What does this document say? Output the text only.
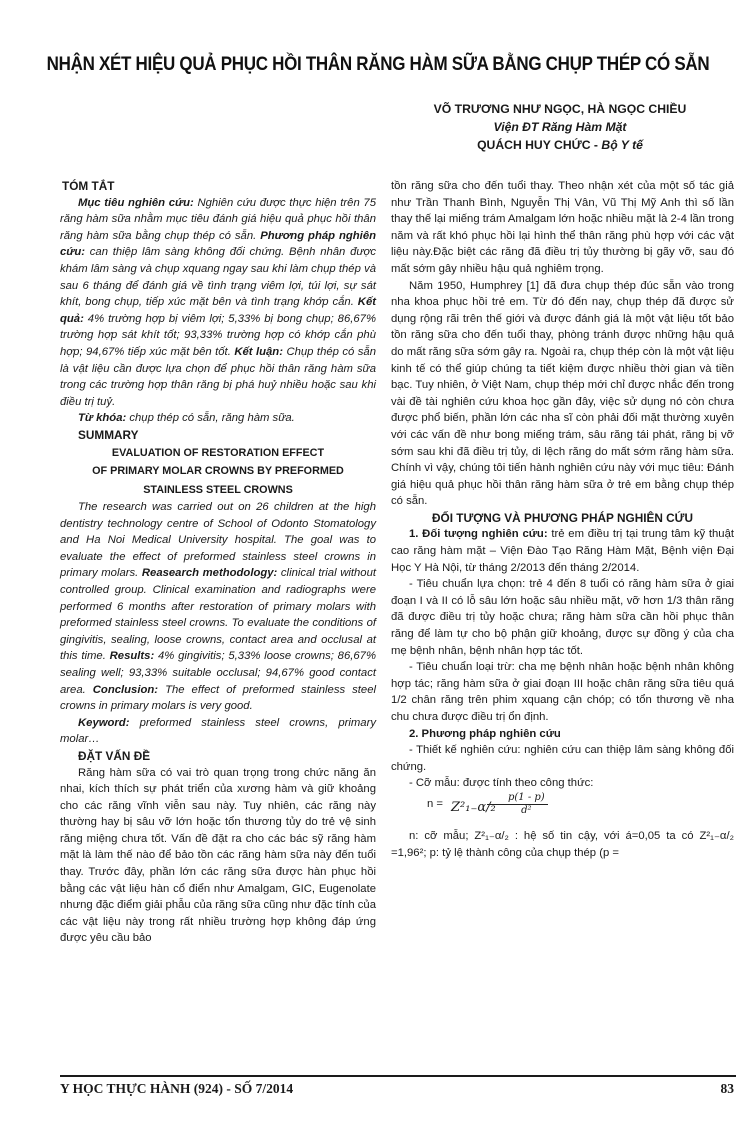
NHẬN XÉT HIỆU QUẢ PHỤC HỒI THÂN RĂNG HÀM SỮA BẰNG CHỤP THÉP CÓ SẴN
VÕ TRƯƠNG NHƯ NGỌC, HÀ NGỌC CHIỀU
Viện ĐT Răng Hàm Mặt
QUÁCH HUY CHỨC - Bộ Y tế

TÓM TẮT

Mục tiêu nghiên cứu: Nghiên cứu được thực hiện trên 75 răng hàm sữa nhằm mục tiêu đánh giá hiệu quả phục hồi thân răng hàm sữa bằng chụp thép có sẵn. Phương pháp nghiên cứu: can thiệp lâm sàng không đối chứng. Bệnh nhân được khám lâm sàng và chụp xquang ngay sau khi làm chụp thép và sau 6 tháng để đánh giá về tình trạng viêm lợi, túi lợi, sự sát khít, bong chụp, tiếp xúc mặt bên và tình trạng khớp cắn. Kết quả: 4% trường hợp bị viêm lợi; 5,33% bị bong chụp; 86,67% trường hợp sát khít tốt; 93,33% trường hợp có khớp cắn phù hợp; 94,67% tiếp xúc mặt bên tốt. Kết luận: Chụp thép có sẵn là vật liệu cần được lựa chọn để phục hồi thân răng hàm sữa trong các trường hợp thân răng bị phá huỷ nhiều hoặc sau khi điều trị tuỷ.

Từ khóa: chụp thép có sẵn, răng hàm sữa.

SUMMARY

EVALUATION OF RESTORATION EFFECT
OF PRIMARY MOLAR CROWNS BY PREFORMED
STAINLESS STEEL CROWNS

The research was carried out on 26 children at the high dentistry technology centre of School of Odonto Stomatology and Ha Noi Medical University hospital. The goal was to evaluate the effect of preformed stainless steel crowns in primary molars. Reasearch methodology: clinical trial without controlled group. Clinical examination and radiographs were performed 6 months after restoration of primary molars with preformed stainless steel crowns. To evaluate the conditions of gingivitis, sealing, loose crowns, contact area and occlusal at this time. Results: 4% gingivitis; 5,33% loose crowns; 86,67% sealing well; 93,33% suitable occlusal; 94,67% good contact area. Conclusion: The effect of preformed stainless steel crowns in primary molars is very good.

Keyword: preformed stainless steel crowns, primary molar…

ĐẶT VẤN ĐỀ

Răng hàm sữa có vai trò quan trọng trong chức năng ăn nhai, kích thích sự phát triển của xương hàm và giữ khoảng cho các răng vĩnh viễn sau này. Tuy nhiên, các răng này thường hay bị sâu vỡ lớn hoặc tổn thương tủy do trẻ vệ sinh răng miệng chưa tốt. Vấn đề đặt ra cho các bác sỹ răng hàm mặt là làm thế nào để bảo tồn các răng hàm sữa này đến tuổi thay. Trước đây, phần lớn các răng sữa được hàn phục hồi bằng các vật liệu hàn cổ điển như Amalgam, GIC, Eugenolate nhưng đặc điểm giải phẫu của răng sữa cũng như đặc tính của các vật liệu này trong rất nhiều trường hợp không đáp ứng được yêu cầu bảo

tồn răng sữa cho đến tuổi thay. Theo nhận xét của một số tác giả như Trần Thanh Bình, Nguyễn Thị Vân, Vũ Thị Mỹ Anh thì số lần thay thế lại miếng trám Amalgam lớn hoặc nhiều mặt là 2-4 lần trong năm và rất khó phục hồi lại hình thể thân răng phù hợp với các vật liệu này.Đặc biệt các răng đã điều trị tủy thường bị gãy vỡ, sau đó mất sớm gây nhiều hậu quả nghiêm trọng.

Năm 1950, Humphrey [1] đã đưa chụp thép đúc sẵn vào trong nha khoa phục hồi trẻ em. Từ đó đến nay, chụp thép đã được sử dụng rộng rãi trên thế giới và được đánh giá là một vật liệu tốt bảo tồn răng sữa cho đến tuổi thay, phòng tránh được những hậu quả do mất răng sữa sớm gây ra. Ngoài ra, chụp thép còn là một vật liệu kinh tế có thể giúp chúng ta tiết kiệm được nhiều thời gian và tiền bạc. Tuy nhiên, ở Việt Nam, chụp thép mới chỉ được nhắc đến trong vài đề tài nghiên cứu khoa học gần đây, việc sử dụng nó còn chưa được phổ biến, phần lớn các nha sĩ còn phải đối mặt thường xuyên với các vấn đề như bong miếng trám, sâu răng tái phát, răng bị vỡ sớm sau khi đã điều trị tủy, di lệch răng do mất sớm răng hàm sữa. Chính vì vậy, chúng tôi tiến hành nghiên cứu này với mục tiêu: Đánh giá hiệu quả phục hồi thân răng hàm sữa ở trẻ em bằng chụp thép có sẵn.

ĐỐI TƯỢNG VÀ PHƯƠNG PHÁP NGHIÊN CỨU

1. Đối tượng nghiên cứu: trẻ em điều trị tại trung tâm kỹ thuật cao răng hàm mặt – Viện Đào Tạo Răng Hàm Mặt, Bệnh viện Đại Học Y Hà Nội, từ tháng 2/2013 đến tháng 2/2014.

- Tiêu chuẩn lựa chọn: trẻ 4 đến 8 tuổi có răng hàm sữa ở giai đoạn I và II có lỗ sâu lớn hoặc sâu nhiều mặt, vỡ hơn 1/3 thân răng đã được điều trị tủy hoặc chưa; răng hàm sữa cần hồi phục thân răng để làm tự cho bộ phận giữ khoảng, được sự đồng ý của cha mẹ bệnh nhân, bệnh nhân hợp tác tốt.

- Tiêu chuẩn loại trừ: cha mẹ bệnh nhân hoặc bệnh nhân không hợp tác; răng hàm sữa ở giai đoạn III hoặc chân răng sữa tiêu quá 1/2 chân răng trên phim xquang cận chóp; có tổn thương về nha chu chưa được điều trị ổn định.

2. Phương pháp nghiên cứu

- Thiết kế nghiên cứu: nghiên cứu can thiệp lâm sàng không đối chứng.

- Cỡ mẫu: được tính theo công thức:

n = Z²₁₋α/₂
$\frac{p(1 - p)}{\text{d²}}$

n: cỡ mẫu; Z²₁₋α/₂ : hệ số tin cậy, với á=0,05 ta có Z²₁₋α/₂ =1,96²; p: tỷ lệ thành công của chụp thép (p =

Y HỌC THỰC HÀNH (924) - SỐ 7/2014	83
